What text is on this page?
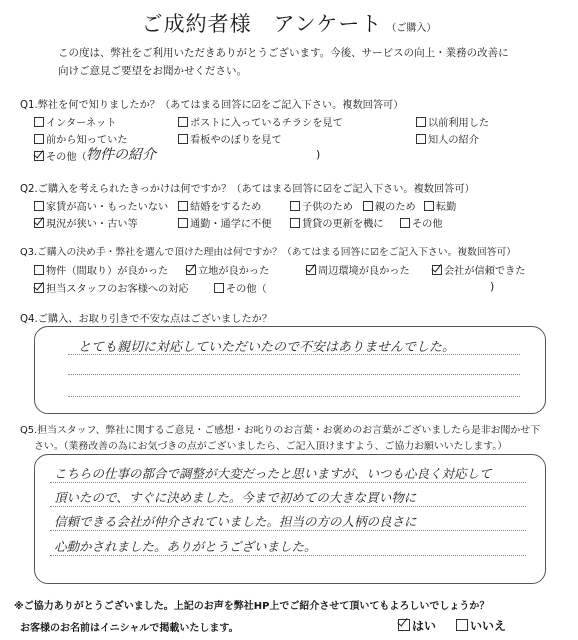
ご成約者様　アンケート （ご購入）
この度は、弊社をご利用いただきありがとうございます。今後、サービスの向上・業務の改善に
向けご意見ご要望をお聞かせください。
Q1.弊社を何で知りましたか？（あてはまる回答に☑をご記入下さい。複数回答可）
インターネット	ポストに入っているチラシを見て	以前利用した
前から知っていた	看板やのぼりを見て	知人の紹介
その他（ 物件の紹介	)
Q2.ご購入を考えられたきっかけは何ですか？（あてはまる回答に☑をご記入下さい。複数回答可）
家賃が高い・もったいない	結婚をするため	子供のため	親のため	転勤
現況が狭い・古い等	通勤・通学に不便	賃貸の更新を機に	その他
Q3.ご購入の決め手・弊社を選んで頂けた理由は何ですか？（あてはまる回答に☑をご記入下さい。複数回答可）
物件（間取り）が良かった	立地が良かった	周辺環境が良かった	会社が信頼できた
担当スタッフのお客様への対応	その他（	)
Q4.ご購入、お取り引きで不安な点はございましたか？
とても親切に対応していただいたので不安はありませんでした。
Q5.担当スタッフ、弊社に関するご意見・ご感想・お叱りのお言葉・お褒めのお言葉がございましたら是非お聞かせ下
さい。（業務改善の為にお気づきの点がございましたら、ご記入頂けますよう、ご協力お願いいたします。）
こちらの仕事の都合で調整が大変だったと思いますが、いつも心良く対応して
頂いたので、すぐに決めました。今まで初めての大きな買い物に
信頼できる会社が仲介されていました。担当の方の人柄の良さに
心動かされました。ありがとうございました。
※ご協力ありがとうございました。上記のお声を弊社HP上でご紹介させて頂いてもよろしいでしょうか？
お客様のお名前はイニシャルで掲載いたします。	はい	いいえ
